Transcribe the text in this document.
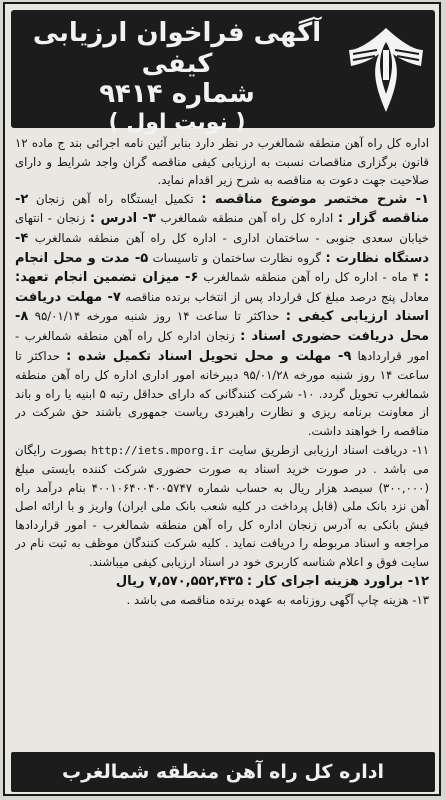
آگهی فراخوان ارزیابی کیفی
شماره ۹۴۱۴
( نوبت اول )

اداره کل راه آهن منطقه شمالغرب در نظر دارد بنابر آئین نامه اجرائی بند ج ماده ۱۲ قانون برگزاری مناقصات نسبت به ارزیابی کیفی مناقصه گران واجد شرایط و دارای صلاحیت جهت دعوت به مناقصه به شرح زیر اقدام نماید.

۱- شرح مختصر موضوع مناقصه : تکمیل ایستگاه راه آهن زنجان ۲- مناقصه گزار : اداره کل راه آهن منطقه شمالغرب ۳- ادرس : زنجان - انتهای خیابان سعدی جنوبی - ساختمان اداری - اداره کل راه آهن منطقه شمالغرب ۴- دستگاه نظارت : گروه نظارت ساختمان و تاسیسات ۵- مدت و محل انجام : ۴ ماه - اداره کل راه آهن منطقه شمالغرب ۶- میزان تضمین انجام تعهد: معادل پنج درصد مبلغ کل قرارداد پس از انتخاب برنده مناقصه ۷- مهلت دریافت اسناد ارزیابی کیفی : حداکثر تا ساعت ۱۴ روز شنبه مورخه ۹۵/۰۱/۱۴ ۸- محل دریافت حضوری اسناد : زنجان اداره کل راه آهن منطقه شمالغرب - امور قراردادها ۹- مهلت و محل تحویل اسناد تکمیل شده : حداکثر تا ساعت ۱۴ روز شنبه مورخه ۹۵/۰۱/۲۸ دبیرخانه امور اداری اداره کل راه آهن منطقه شمالغرب تحویل گردد. ۱۰- شرکت کنندگانی که دارای حداقل رتبه ۵ ابنیه یا راه و باند از معاونت برنامه ریزی و نظارت راهبردی ریاست جمهوری باشند حق شرکت در مناقصه را خواهند داشت.

۱۱- دریافت اسناد ارزیابی ازطریق سایت http://iets.mporg.ir بصورت رایگان می باشد . در صورت خرید اسناد به صورت حضوری شرکت کننده بایستی مبلغ (۳۰۰,۰۰۰) سیصد هزار ریال به حساب شماره ۴۰۰۱۰۶۴۰۰۴۰۰۵۷۴۷ بنام درآمد راه آهن نزد بانک ملی (قابل پرداخت در کلیه شعب بانک ملی ایران) واریز و با ارائه اصل فیش بانکی به آدرس زنجان اداره کل راه آهن منطقه شمالغرب - امور قراردادها مراجعه و اسناد مربوطه را دریافت نماید . کلیه شرکت کنندگان موظف به ثبت نام در سایت فوق و اعلام شناسه کاربری خود در اسناد ارزیابی کیفی میباشند.

۱۲- براورد هزینه اجرای کار : ۷,۵۷۰,۵۵۲,۴۳۵ ریال

۱۳- هزینه چاپ آگهی روزنامه به عهده برنده مناقصه می باشد .

اداره کل راه آهن منطقه شمالغرب
